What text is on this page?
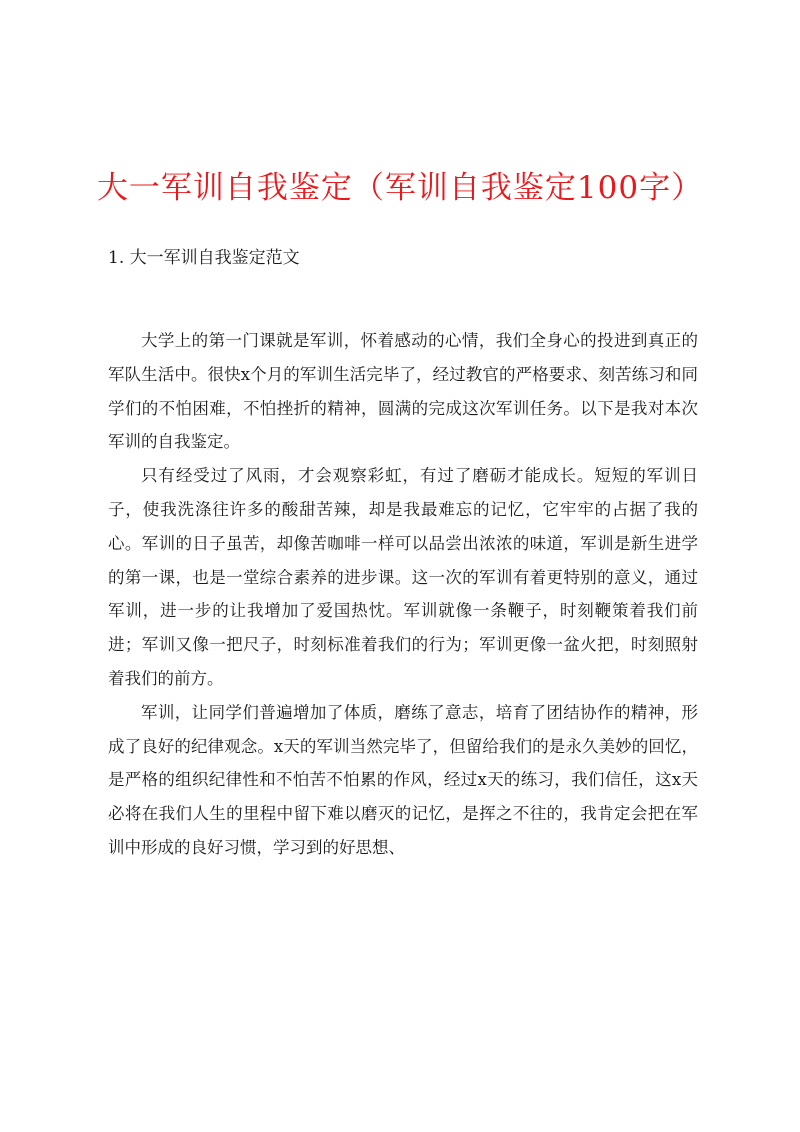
大一军训自我鉴定（军训自我鉴定100字）
1. 大一军训自我鉴定范文

大学上的第一门课就是军训，怀着感动的心情，我们全身心的投进到真正的军队生活中。很快x个月的军训生活完毕了，经过教官的严格要求、刻苦练习和同学们的不怕困难，不怕挫折的精神，圆满的完成这次军训任务。以下是我对本次军训的自我鉴定。

只有经受过了风雨，才会观察彩虹，有过了磨砺才能成长。短短的军训日子，使我洗涤往许多的酸甜苦辣，却是我最难忘的记忆，它牢牢的占据了我的心。军训的日子虽苦，却像苦咖啡一样可以品尝出浓浓的味道，军训是新生进学的第一课，也是一堂综合素养的进步课。这一次的军训有着更特别的意义，通过军训，进一步的让我增加了爱国热忱。军训就像一条鞭子，时刻鞭策着我们前进；军训又像一把尺子，时刻标准着我们的行为；军训更像一盆火把，时刻照射着我们的前方。

军训，让同学们普遍增加了体质，磨练了意志，培育了团结协作的精神，形成了良好的纪律观念。x天的军训当然完毕了，但留给我们的是永久美妙的回忆，是严格的组织纪律性和不怕苦不怕累的作风，经过x天的练习，我们信任，这x天必将在我们人生的里程中留下难以磨灭的记忆，是挥之不往的，我肯定会把在军训中形成的良好习惯，学习到的好思想、
